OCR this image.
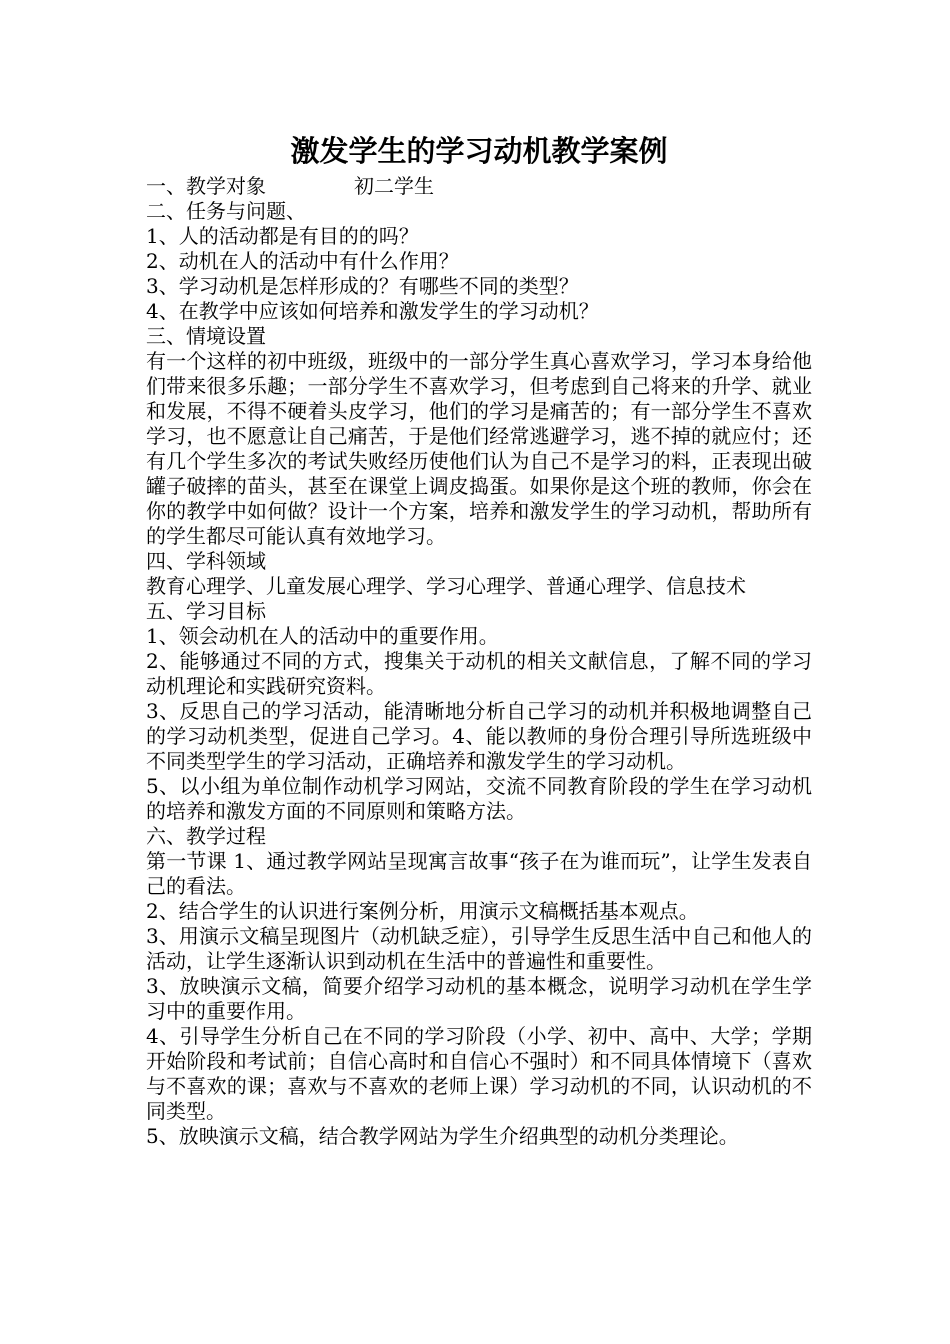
激发学生的学习动机教学案例

一、教学对象	初二学生

二、任务与问题、

1、人的活动都是有目的的吗？

2、动机在人的活动中有什么作用？

3、学习动机是怎样形成的？有哪些不同的类型？

4、在教学中应该如何培养和激发学生的学习动机？

三、情境设置

有一个这样的初中班级，班级中的一部分学生真心喜欢学习，学习本身给他们带来很多乐趣；一部分学生不喜欢学习，但考虑到自己将来的升学、就业和发展，不得不硬着头皮学习，他们的学习是痛苦的；有一部分学生不喜欢学习，也不愿意让自己痛苦，于是他们经常逃避学习，逃不掉的就应付；还有几个学生多次的考试失败经历使他们认为自己不是学习的料，正表现出破罐子破摔的苗头，甚至在课堂上调皮捣蛋。如果你是这个班的教师，你会在你的教学中如何做？设计一个方案，培养和激发学生的学习动机，帮助所有的学生都尽可能认真有效地学习。

四、学科领域

教育心理学、儿童发展心理学、学习心理学、普通心理学、信息技术

五、学习目标

1、领会动机在人的活动中的重要作用。

2、能够通过不同的方式，搜集关于动机的相关文献信息，了解不同的学习动机理论和实践研究资料。

3、反思自己的学习活动，能清晰地分析自己学习的动机并积极地调整自己的学习动机类型，促进自己学习。4、能以教师的身份合理引导所选班级中不同类型学生的学习活动，正确培养和激发学生的学习动机。

5、以小组为单位制作动机学习网站，交流不同教育阶段的学生在学习动机的培养和激发方面的不同原则和策略方法。

六、教学过程

第一节课 1、通过教学网站呈现寓言故事“孩子在为谁而玩”，让学生发表自己的看法。

2、结合学生的认识进行案例分析，用演示文稿概括基本观点。

3、用演示文稿呈现图片（动机缺乏症），引导学生反思生活中自己和他人的活动，让学生逐渐认识到动机在生活中的普遍性和重要性。

3、放映演示文稿，简要介绍学习动机的基本概念，说明学习动机在学生学习中的重要作用。

4、引导学生分析自己在不同的学习阶段（小学、初中、高中、大学；学期开始阶段和考试前；自信心高时和自信心不强时）和不同具体情境下（喜欢与不喜欢的课；喜欢与不喜欢的老师上课）学习动机的不同，认识动机的不同类型。

5、放映演示文稿，结合教学网站为学生介绍典型的动机分类理论。
